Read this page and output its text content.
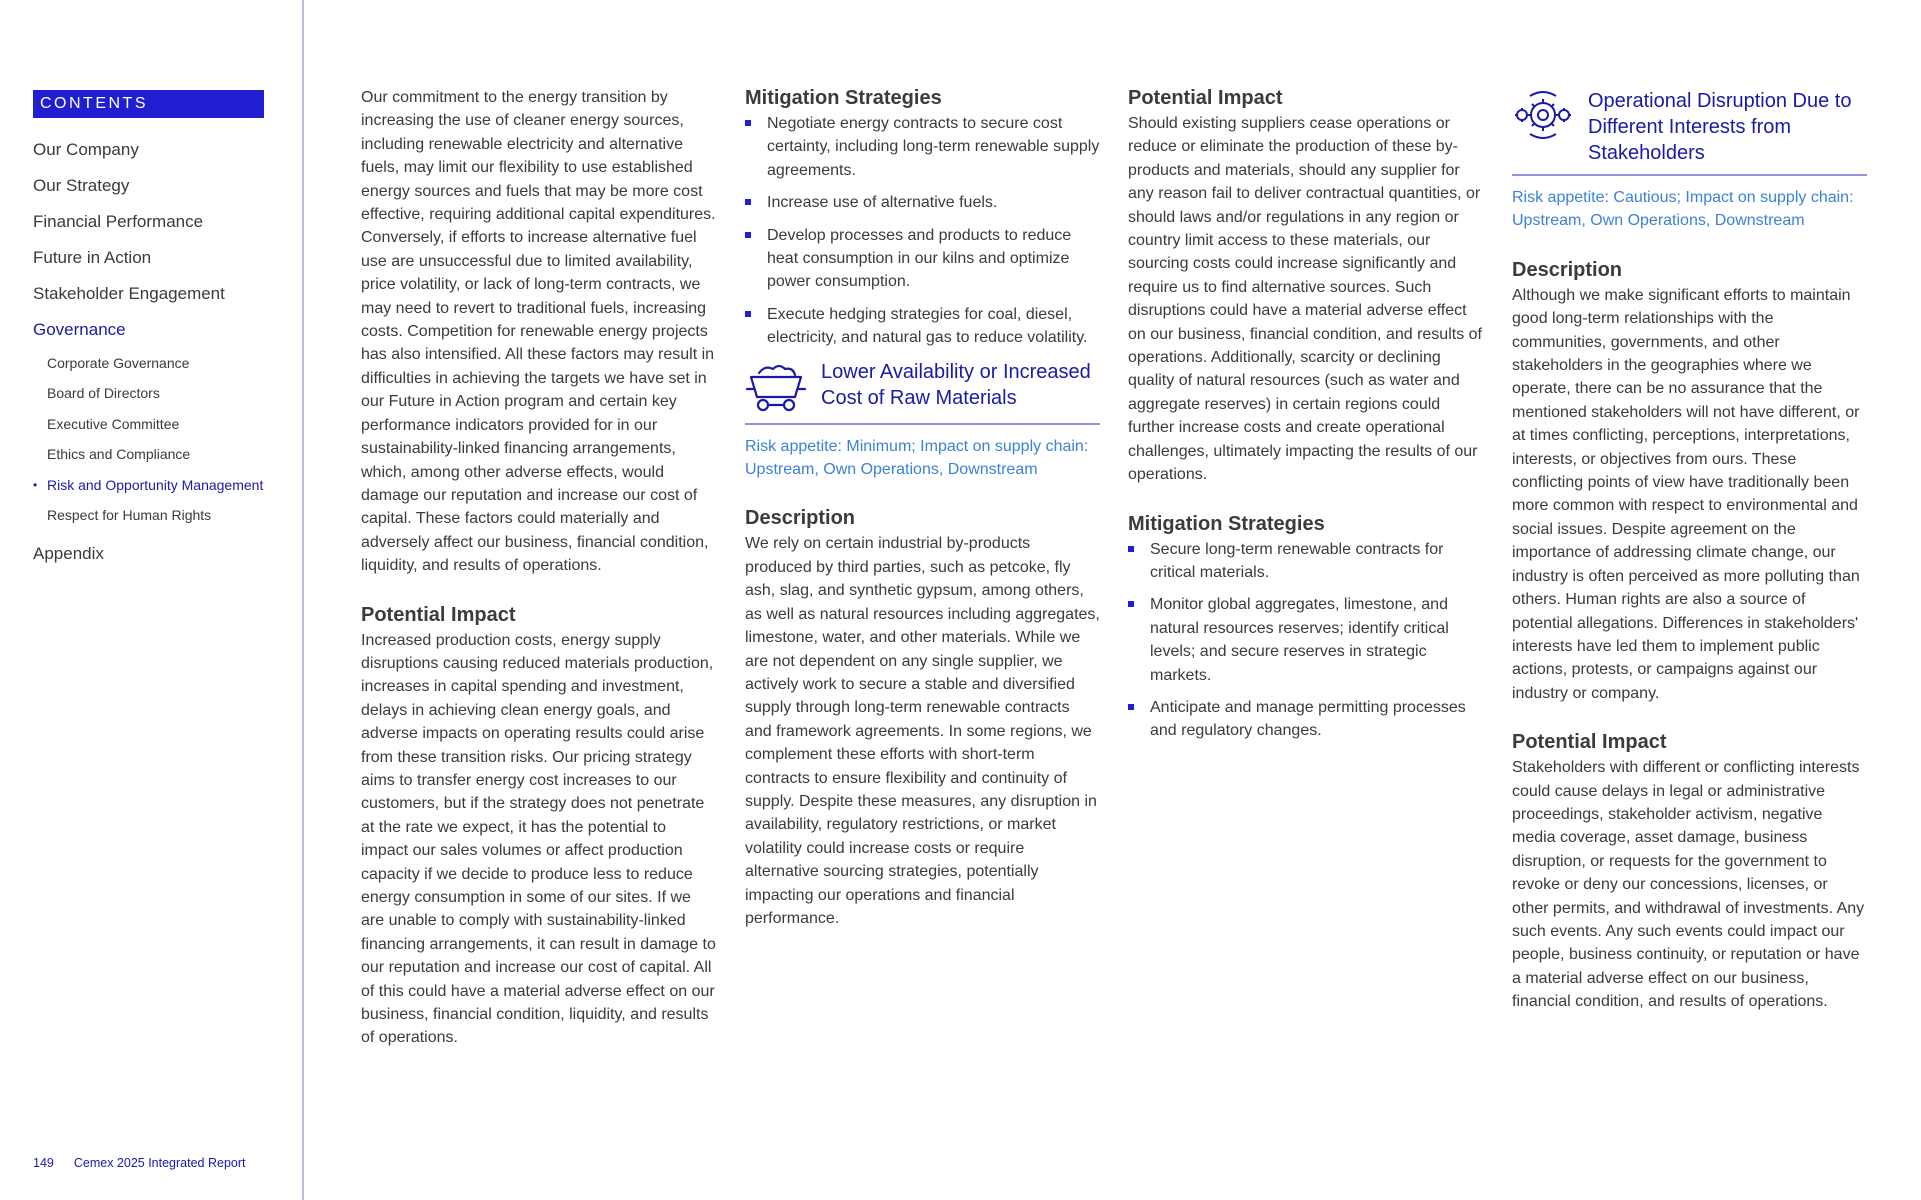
CONTENTS
Our Company
Our Strategy
Financial Performance
Future in Action
Stakeholder Engagement
Governance
Corporate Governance
Board of Directors
Executive Committee
Ethics and Compliance
• Risk and Opportunity Management
Respect for Human Rights
Appendix
149 Cemex 2025 Integrated Report

Our commitment to the energy transition by increasing the use of cleaner energy sources, including renewable electricity and alternative fuels, may limit our flexibility to use established energy sources and fuels that may be more cost effective, requiring additional capital expenditures. Conversely, if efforts to increase alternative fuel use are unsuccessful due to limited availability, price volatility, or lack of long-term contracts, we may need to revert to traditional fuels, increasing costs. Competition for renewable energy projects has also intensified. All these factors may result in difficulties in achieving the targets we have set in our Future in Action program and certain key performance indicators provided for in our sustainability-linked financing arrangements, which, among other adverse effects, would damage our reputation and increase our cost of capital. These factors could materially and adversely affect our business, financial condition, liquidity, and results of operations.

Potential Impact

Increased production costs, energy supply disruptions causing reduced materials production, increases in capital spending and investment, delays in achieving clean energy goals, and adverse impacts on operating results could arise from these transition risks. Our pricing strategy aims to transfer energy cost increases to our customers, but if the strategy does not penetrate at the rate we expect, it has the potential to impact our sales volumes or affect production capacity if we decide to produce less to reduce energy consumption in some of our sites. If we are unable to comply with sustainability-linked financing arrangements, it can result in damage to our reputation and increase our cost of capital. All of this could have a material adverse effect on our business, financial condition, liquidity, and results of operations.

Mitigation Strategies
Negotiate energy contracts to secure cost certainty, including long-term renewable supply agreements.
Increase use of alternative fuels.
Develop processes and products to reduce heat consumption in our kilns and optimize power consumption.
Execute hedging strategies for coal, diesel, electricity, and natural gas to reduce volatility.
Lower Availability or Increased Cost of Raw Materials

Risk appetite: Minimum; Impact on supply chain: Upstream, Own Operations, Downstream

Description

We rely on certain industrial by-products produced by third parties, such as petcoke, fly ash, slag, and synthetic gypsum, among others, as well as natural resources including aggregates, limestone, water, and other materials. While we are not dependent on any single supplier, we actively work to secure a stable and diversified supply through long-term renewable contracts and framework agreements. In some regions, we complement these efforts with short-term contracts to ensure flexibility and continuity of supply. Despite these measures, any disruption in availability, regulatory restrictions, or market volatility could increase costs or require alternative sourcing strategies, potentially impacting our operations and financial performance.

Potential Impact

Should existing suppliers cease operations or reduce or eliminate the production of these by-products and materials, should any supplier for any reason fail to deliver contractual quantities, or should laws and/or regulations in any region or country limit access to these materials, our sourcing costs could increase significantly and require us to find alternative sources. Such disruptions could have a material adverse effect on our business, financial condition, and results of operations. Additionally, scarcity or declining quality of natural resources (such as water and aggregate reserves) in certain regions could further increase costs and create operational challenges, ultimately impacting the results of our operations.

Mitigation Strategies
Secure long-term renewable contracts for critical materials.
Monitor global aggregates, limestone, and natural resources reserves; identify critical levels; and secure reserves in strategic markets.
Anticipate and manage permitting processes and regulatory changes.
Operational Disruption Due to Different Interests from Stakeholders

Risk appetite: Cautious; Impact on supply chain: Upstream, Own Operations, Downstream

Description

Although we make significant efforts to maintain good long-term relationships with the communities, governments, and other stakeholders in the geographies where we operate, there can be no assurance that the mentioned stakeholders will not have different, or at times conflicting, perceptions, interpretations, interests, or objectives from ours. These conflicting points of view have traditionally been more common with respect to environmental and social issues. Despite agreement on the importance of addressing climate change, our industry is often perceived as more polluting than others. Human rights are also a source of potential allegations. Differences in stakeholders' interests have led them to implement public actions, protests, or campaigns against our industry or company.

Potential Impact

Stakeholders with different or conflicting interests could cause delays in legal or administrative proceedings, stakeholder activism, negative media coverage, asset damage, business disruption, or requests for the government to revoke or deny our concessions, licenses, or other permits, and withdrawal of investments. Any such events. Any such events could impact our people, business continuity, or reputation or have a material adverse effect on our business, financial condition, and results of operations.
